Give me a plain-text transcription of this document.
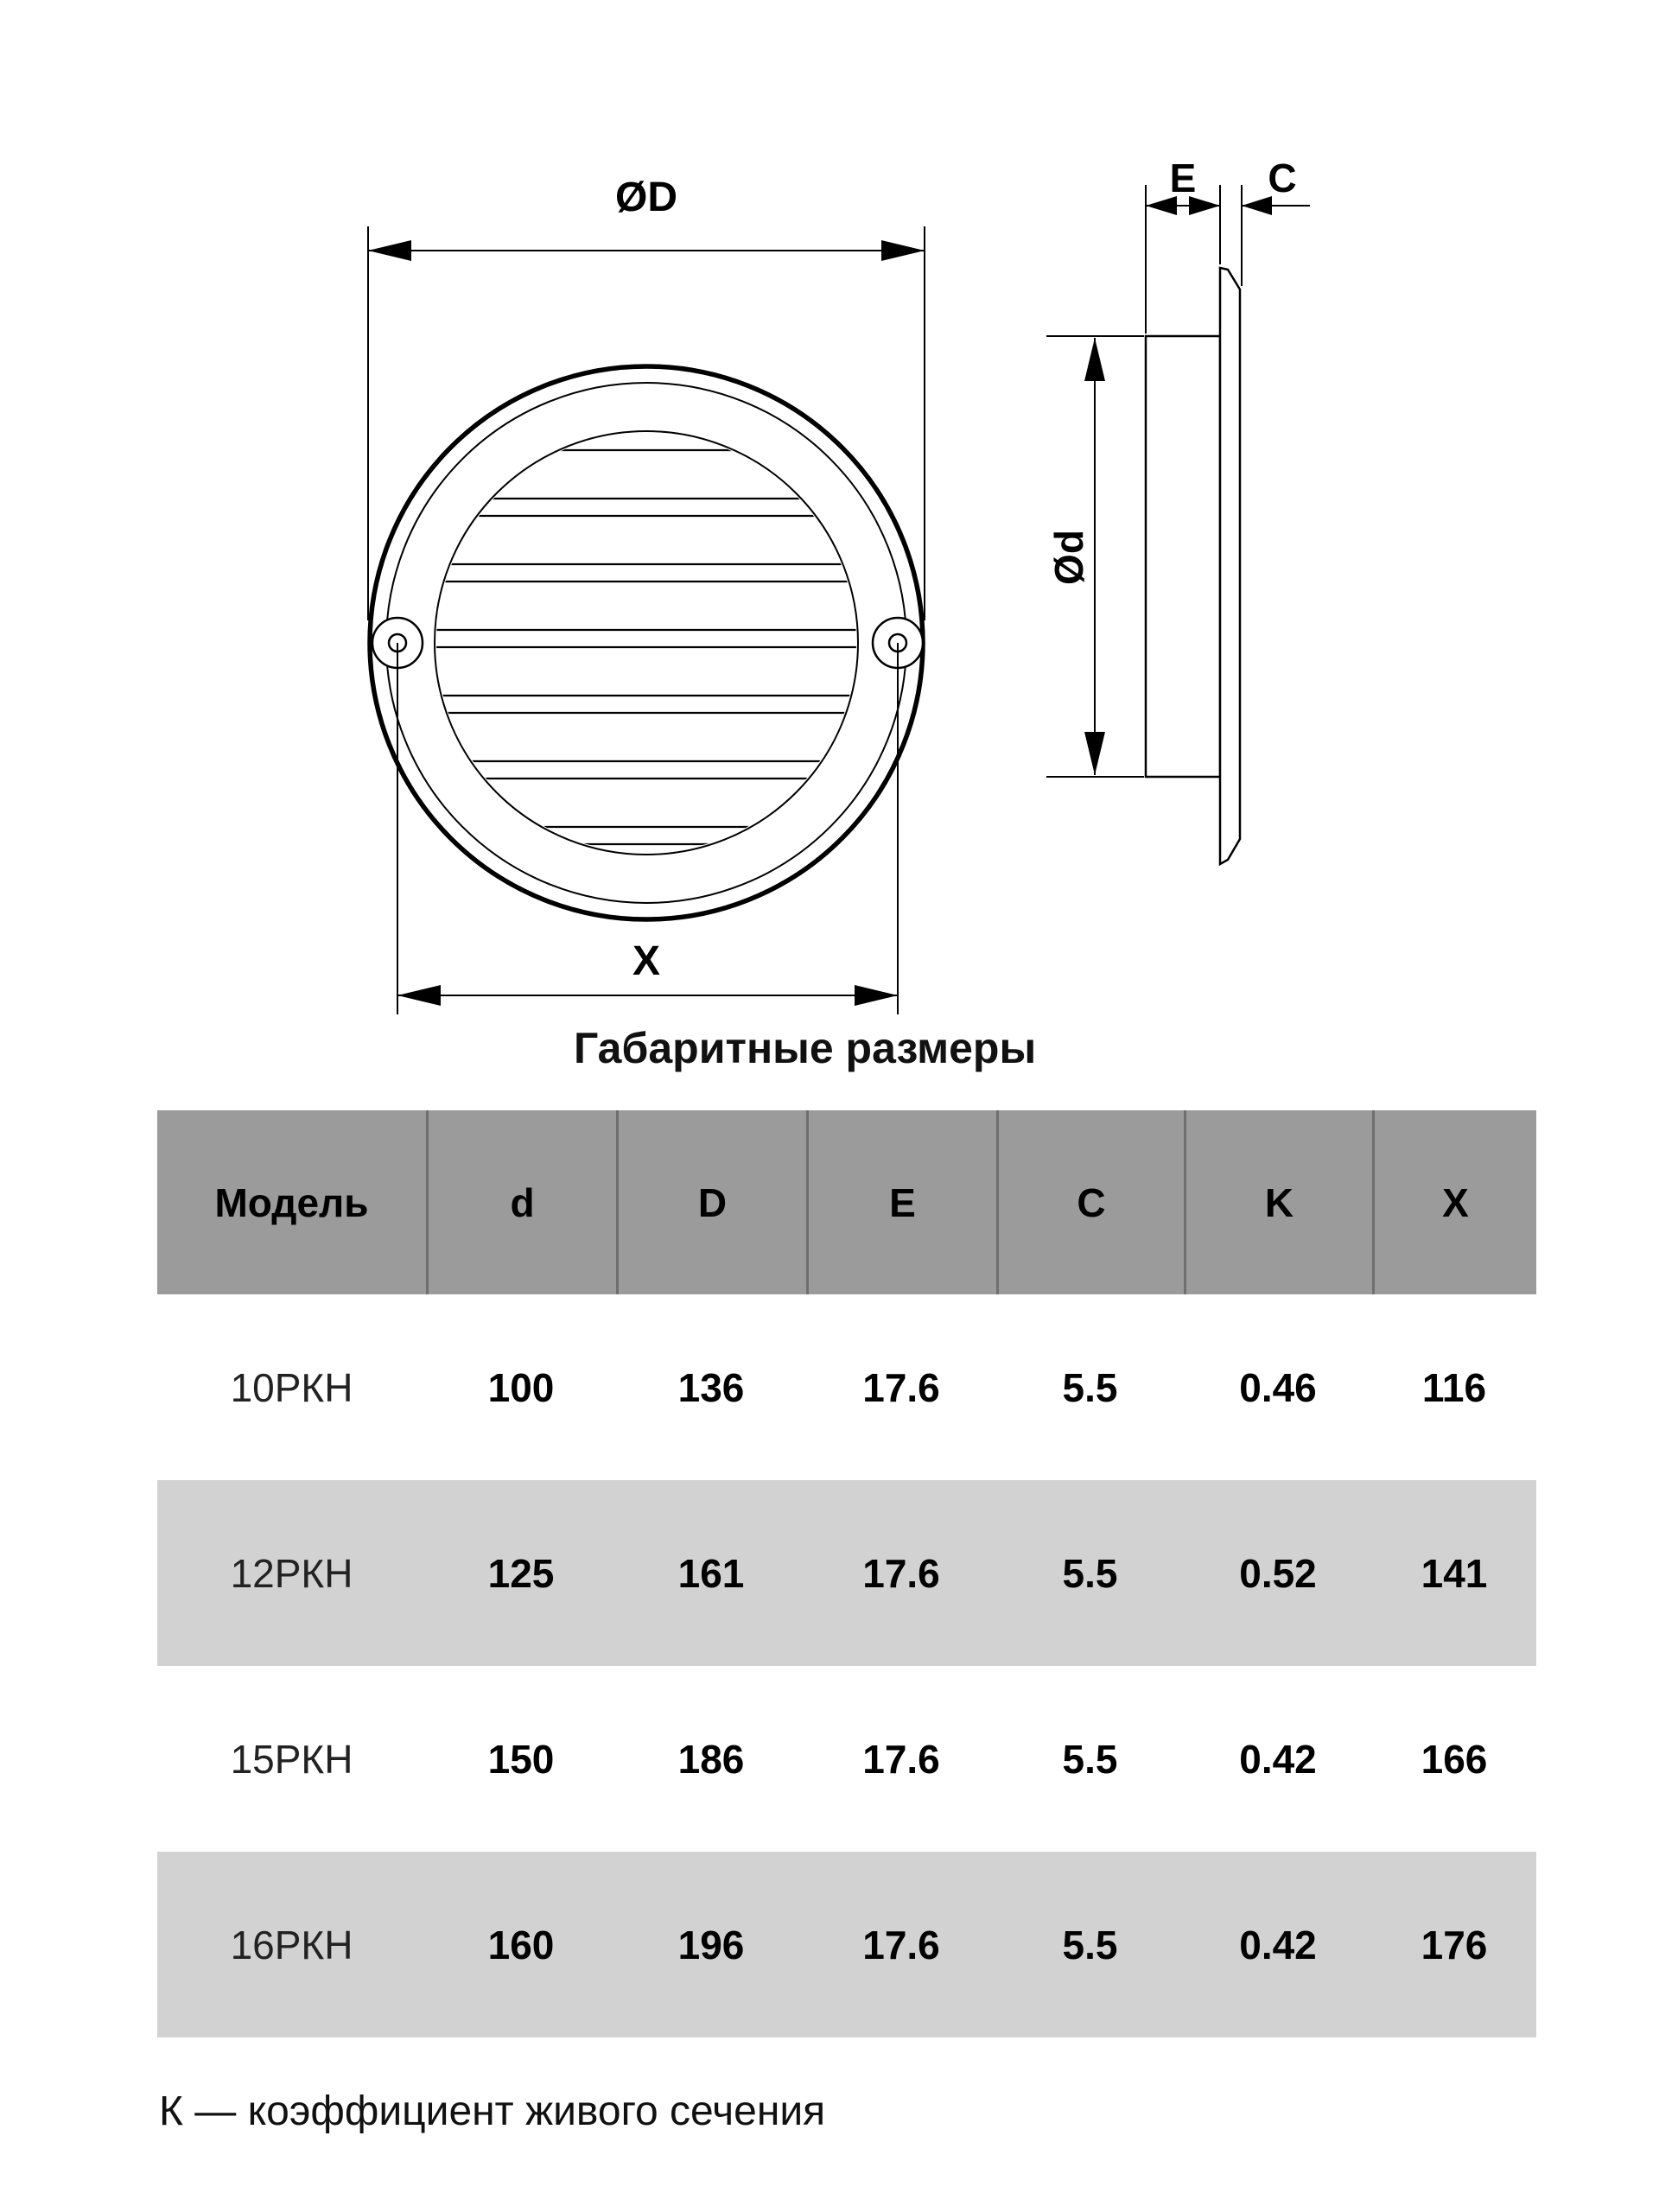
ØD
X
E C
Ød
Габаритные размеры
Модель	d	D	E	C	K	X
10РКН	100	136	17.6	5.5	0.46	116
12РКН	125	161	17.6	5.5	0.52	141
15РКН	150	186	17.6	5.5	0.42	166
16РКН	160	196	17.6	5.5	0.42	176

К — коэффициент живого сечения
